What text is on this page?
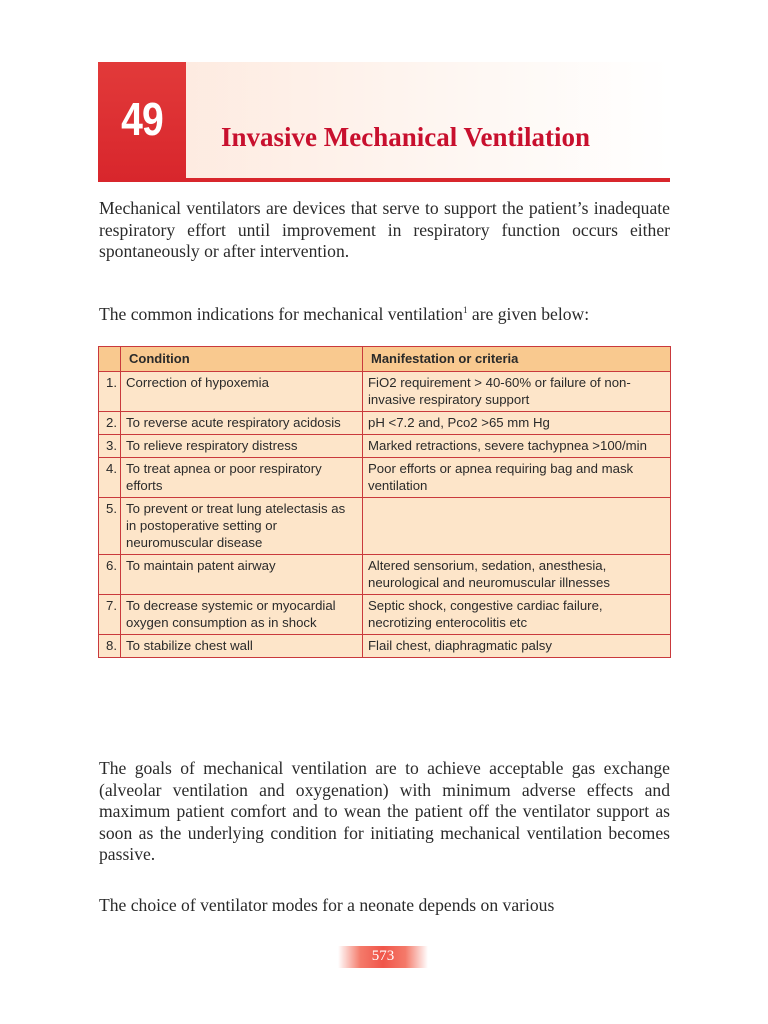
49	Invasive Mechanical Ventilation
Mechanical ventilators are devices that serve to support the patient’s inadequate respiratory effort until improvement in respiratory function occurs either spontaneously or after intervention.
The common indications for mechanical ventilation$^1$ are given below:
	Condition	Manifestation or criteria
1.	Correction of hypoxemia	FiO2 requirement > 40-60% or failure of non-invasive respiratory support
2.	To reverse acute respiratory acidosis	pH <7.2 and, Pco2 >65 mm Hg
3.	To relieve respiratory distress	Marked retractions, severe tachypnea >100/min
4.	To treat apnea or poor respiratory efforts	Poor efforts or apnea requiring bag and mask ventilation
5.	To prevent or treat lung atelectasis as in postoperative setting or neuromuscular disease	
6.	To maintain patent airway	Altered sensorium, sedation, anesthesia, neurological and neuromuscular illnesses
7.	To decrease systemic or myocardial oxygen consumption as in shock	Septic shock, congestive cardiac failure, necrotizing enterocolitis etc
8.	To stabilize chest wall	Flail chest, diaphragmatic palsy
The goals of mechanical ventilation are to achieve acceptable gas exchange (alveolar ventilation and oxygenation) with minimum adverse effects and maximum patient comfort and to wean the patient off the ventilator support as soon as the underlying condition for initiating mechanical ventilation becomes passive.
The choice of ventilator modes for a neonate depends on various
573
